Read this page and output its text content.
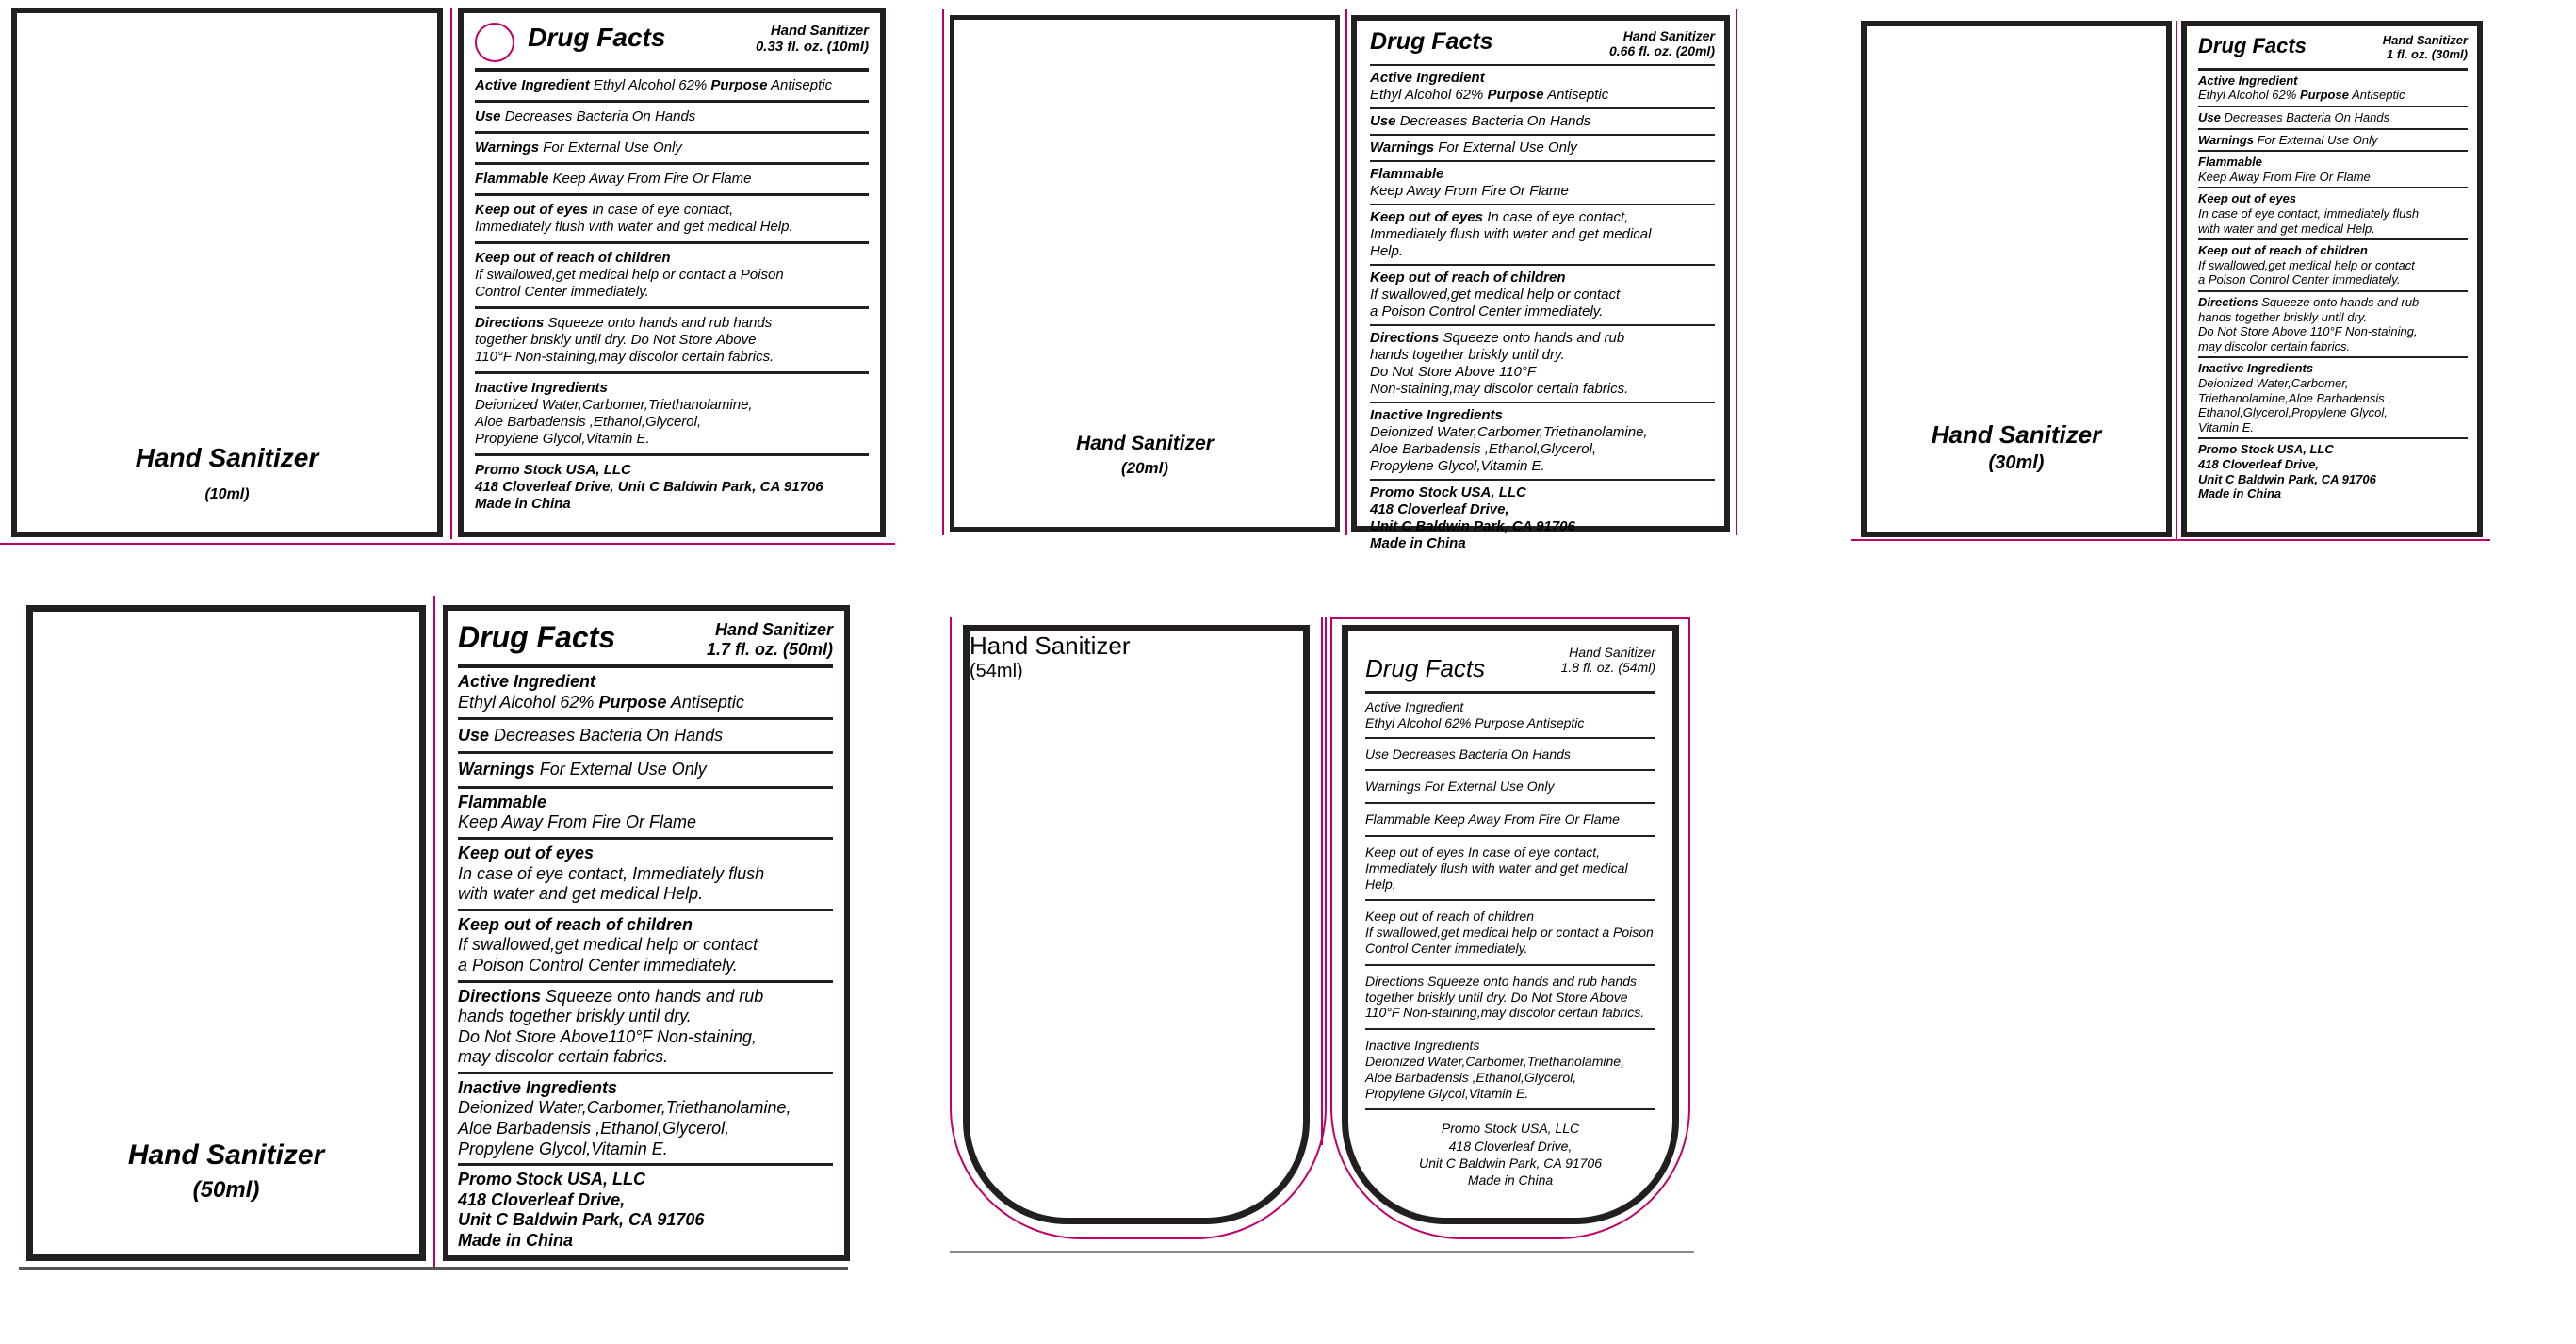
Hand Sanitizer
(10ml)
Drug Facts	Hand Sanitizer
0.33 fl. oz. (10ml)
Active Ingredient Ethyl Alcohol 62% Purpose Antiseptic
Use Decreases Bacteria On Hands
Warnings For External Use Only
Flammable Keep Away From Fire Or Flame
Keep out of eyes In case of eye contact,
Immediately flush with water and get medical Help.
Keep out of reach of children
If swallowed,get medical help or contact a Poison
Control Center immediately.
Directions Squeeze onto hands and rub hands
together briskly until dry. Do Not Store Above
110°F Non-staining,may discolor certain fabrics.
Inactive Ingredients
Deionized Water,Carbomer,Triethanolamine,
Aloe Barbadensis ,Ethanol,Glycerol,
Propylene Glycol,Vitamin E.
Promo Stock USA, LLC
418 Cloverleaf Drive, Unit C Baldwin Park, CA 91706
Made in China
Hand Sanitizer
(20ml)
Drug Facts	Hand Sanitizer
0.66 fl. oz. (20ml)
Active Ingredient
Ethyl Alcohol 62% Purpose Antiseptic
Use Decreases Bacteria On Hands
Warnings For External Use Only
Flammable
Keep Away From Fire Or Flame
Keep out of eyes In case of eye contact,
Immediately flush with water and get medical
Help.
Keep out of reach of children
If swallowed,get medical help or contact
a Poison Control Center immediately.
Directions Squeeze onto hands and rub
hands together briskly until dry.
Do Not Store Above 110°F
Non-staining,may discolor certain fabrics.
Inactive Ingredients
Deionized Water,Carbomer,Triethanolamine,
Aloe Barbadensis ,Ethanol,Glycerol,
Propylene Glycol,Vitamin E.
Promo Stock USA, LLC
418 Cloverleaf Drive,
Unit C Baldwin Park, CA 91706
Made in China
Hand Sanitizer
(30ml)
Drug Facts	Hand Sanitizer
1 fl. oz. (30ml)
Active Ingredient
Ethyl Alcohol 62% Purpose Antiseptic
Use Decreases Bacteria On Hands
Warnings For External Use Only
Flammable
Keep Away From Fire Or Flame
Keep out of eyes
In case of eye contact, immediately flush
with water and get medical Help.
Keep out of reach of children
If swallowed,get medical help or contact
a Poison Control Center immediately.
Directions Squeeze onto hands and rub
hands together briskly until dry.
Do Not Store Above 110°F Non-staining,
may discolor certain fabrics.
Inactive Ingredients
Deionized Water,Carbomer,
Triethanolamine,Aloe Barbadensis ,
Ethanol,Glycerol,Propylene Glycol,
Vitamin E.
Promo Stock USA, LLC
418 Cloverleaf Drive,
Unit C Baldwin Park, CA 91706
Made in China
Hand Sanitizer
(50ml)
Drug Facts	Hand Sanitizer
1.7 fl. oz. (50ml)
Active Ingredient
Ethyl Alcohol 62% Purpose Antiseptic
Use Decreases Bacteria On Hands
Warnings For External Use Only
Flammable
Keep Away From Fire Or Flame
Keep out of eyes
In case of eye contact, Immediately flush
with water and get medical Help.
Keep out of reach of children
If swallowed,get medical help or contact
a Poison Control Center immediately.
Directions Squeeze onto hands and rub
hands together briskly until dry.
Do Not Store Above110°F Non-staining,
may discolor certain fabrics.
Inactive Ingredients
Deionized Water,Carbomer,Triethanolamine,
Aloe Barbadensis ,Ethanol,Glycerol,
Propylene Glycol,Vitamin E.
Promo Stock USA, LLC
418 Cloverleaf Drive,
Unit C Baldwin Park, CA 91706
Made in China
Hand Sanitizer
(54ml)	Drug Facts
Hand Sanitizer
1.8 fl. oz. (54ml)
Active Ingredient
Ethyl Alcohol 62% Purpose Antiseptic
Use Decreases Bacteria On Hands
Warnings For External Use Only
Flammable Keep Away From Fire Or Flame
Keep out of eyes In case of eye contact,
Immediately flush with water and get medical Help.
Keep out of reach of children
If swallowed,get medical help or contact a Poison
Control Center immediately.
Directions Squeeze onto hands and rub hands
together briskly until dry. Do Not Store Above
110°F Non-staining,may discolor certain fabrics.
Inactive Ingredients
Deionized Water,Carbomer,Triethanolamine,
Aloe Barbadensis ,Ethanol,Glycerol,
Propylene Glycol,Vitamin E.
Promo Stock USA, LLC
418 Cloverleaf Drive,
Unit C Baldwin Park, CA 91706
Made in China
